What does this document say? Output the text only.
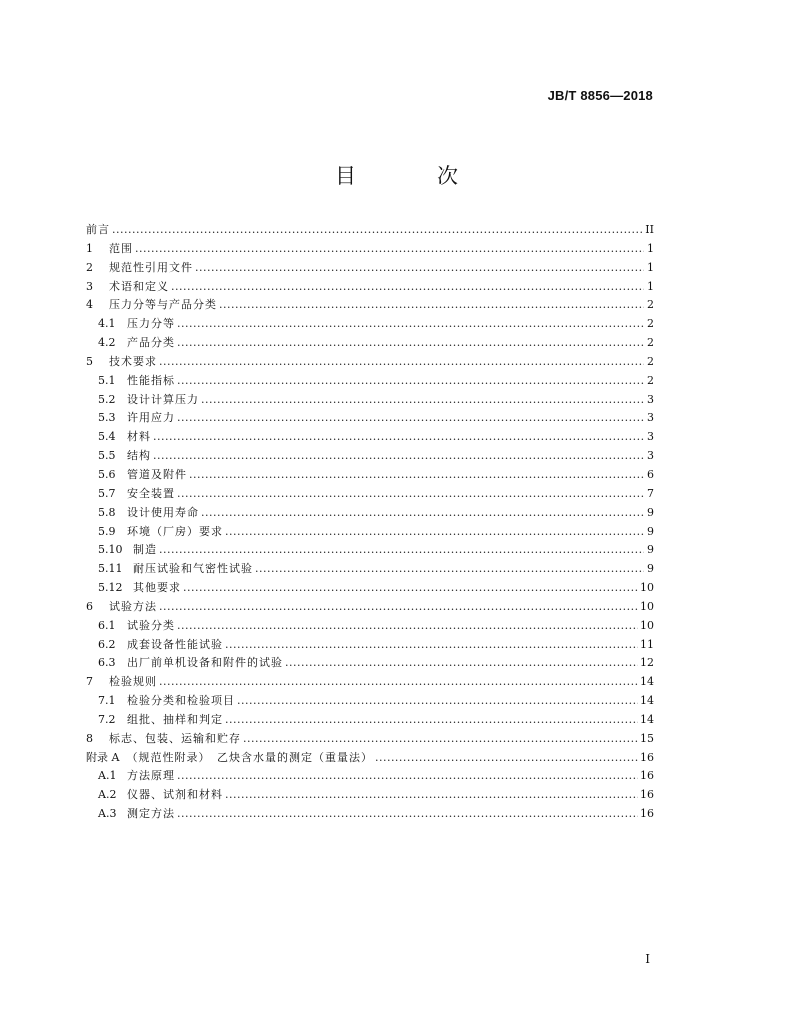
JB/T 8856—2018
目　次
前言 .....	II
1	范围 .....	1
2	规范性引用文件 .....	1
3	术语和定义 .....	1
4	压力分等与产品分类 .....	2
4.1	压力分等 .....	2
4.2	产品分类 .....	2
5	技术要求 .....	2
5.1	性能指标 .....	2
5.2	设计计算压力 .....	3
5.3	许用应力 .....	3
5.4	材料 .....	3
5.5	结构 .....	3
5.6	管道及附件 .....	6
5.7	安全装置 .....	7
5.8	设计使用寿命 .....	9
5.9	环境（厂房）要求 .....	9
5.10 制造 .....	9
5.11 耐压试验和气密性试验 .....	9
5.12 其他要求 .....	10
6	试验方法 .....	10
6.1	试验分类 .....	10
6.2	成套设备性能试验 .....	11
6.3	出厂前单机设备和附件的试验 .....	12
7	检验规则 .....	14
7.1	检验分类和检验项目 .....	14
7.2	组批、抽样和判定 .....	14
8	标志、包装、运输和贮存 .....	15
附录 A （规范性附录）　乙炔含水量的测定（重量法） .....	16
A.1 方法原理 .....	16
A.2 仪器、试剂和材料 .....	16
A.3 测定方法 .....	16
I
